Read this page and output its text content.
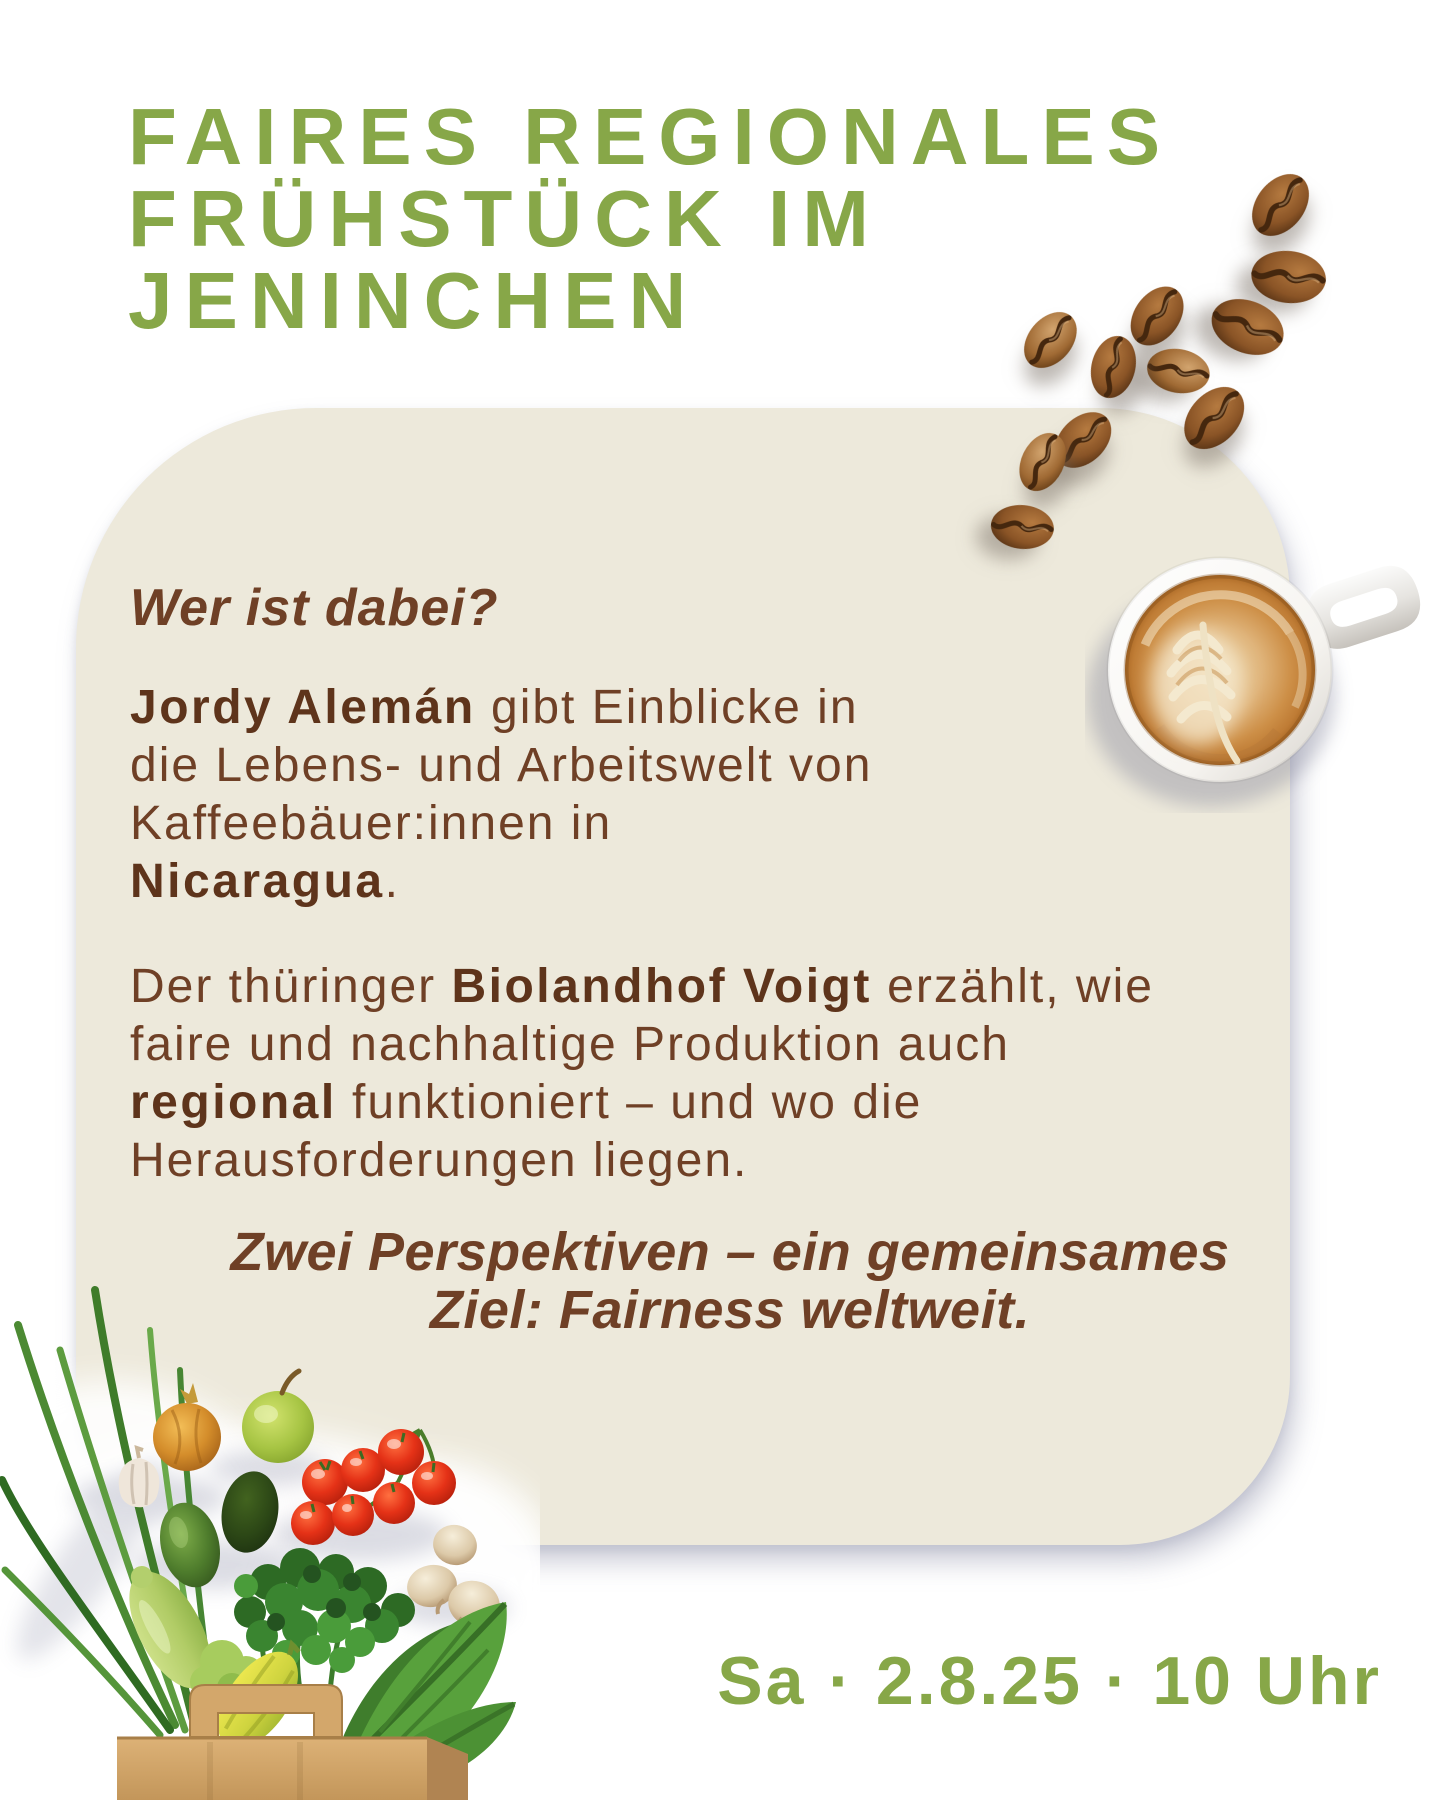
FAIRES REGIONALES
FRÜHSTÜCK IM
JENINCHEN
Wer ist dabei?
Jordy Alemán gibt Einblicke in
die Lebens- und Arbeitswelt von
Kaffeebäuer:innen in
Nicaragua.
Der thüringer Biolandhof Voigt erzählt, wie
faire und nachhaltige Produktion auch
regional funktioniert – und wo die
Herausforderungen liegen.
Zwei Perspektiven – ein gemeinsames
Ziel: Fairness weltweit.
Sa · 2.8.25 · 10 Uhr
